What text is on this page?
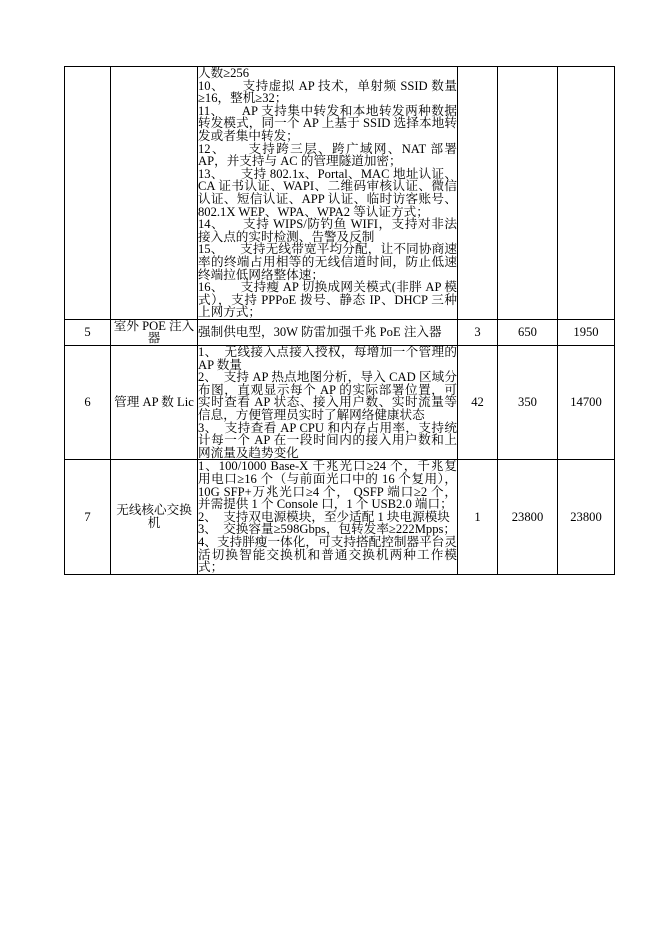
人数≥256
10、     支持虚拟 AP 技术，单射频 SSID 数量≥16，整机≥32；
11、     AP 支持集中转发和本地转发两种数据转发模式，同一个 AP 上基于 SSID 选择本地转发或者集中转发；
12、     支持跨三层、跨广域网、NAT 部署 AP，并支持与 AC 的管理隧道加密；
13、     支持 802.1x、Portal、MAC 地址认证、CA 证书认证、WAPI、二维码审核认证、微信认证、短信认证、APP 认证、临时访客账号、802.1X WEP、WPA、WPA2 等认证方式；
14、     支持 WIPS/防钓鱼 WIFI，支持对非法接入点的实时检测、告警及反制
15、     支持无线带宽平均分配，让不同协商速率的终端占用相等的无线信道时间，防止低速终端拉低网络整体速；
16、     支持瘦 AP 切换成网关模式(非胖 AP 模式），支持 PPPoE 拨号、静态 IP、DHCP 三种上网方式；

5	室外 POE 注入器	强制供电型，30W 防雷加强千兆 PoE 注入器	3	650	1950
6	管理 AP 数 Lic	1、  无线接入点接入授权，每增加一个管理的 AP 数量
2、  支持 AP 热点地图分析，导入 CAD 区域分布图，直观显示每个 AP 的实际部署位置，可实时查看 AP 状态、接入用户数、实时流量等信息，方便管理员实时了解网络健康状态
3、  支持查看 AP CPU 和内存占用率，支持统计每一个 AP 在一段时间内的接入用户数和上网流量及趋势变化	42	350	14700
7	无线核心交换机	1、100/1000 Base-X 千兆光口≥24 个，千兆复用电口≥16 个（与前面光口中的 16 个复用），10G SFP+万兆光口≥4 个， QSFP 端口≥2 个，并需提供 1 个 Console 口，1 个 USB2.0 端口；
2、  支持双电源模块，至少适配 1 块电源模块
3、  交换容量≥598Gbps，包转发率≥222Mpps；
4、支持胖瘦一体化，可支持搭配控制器平台灵活切换智能交换机和普通交换机两种工作模式；	1	23800	23800
